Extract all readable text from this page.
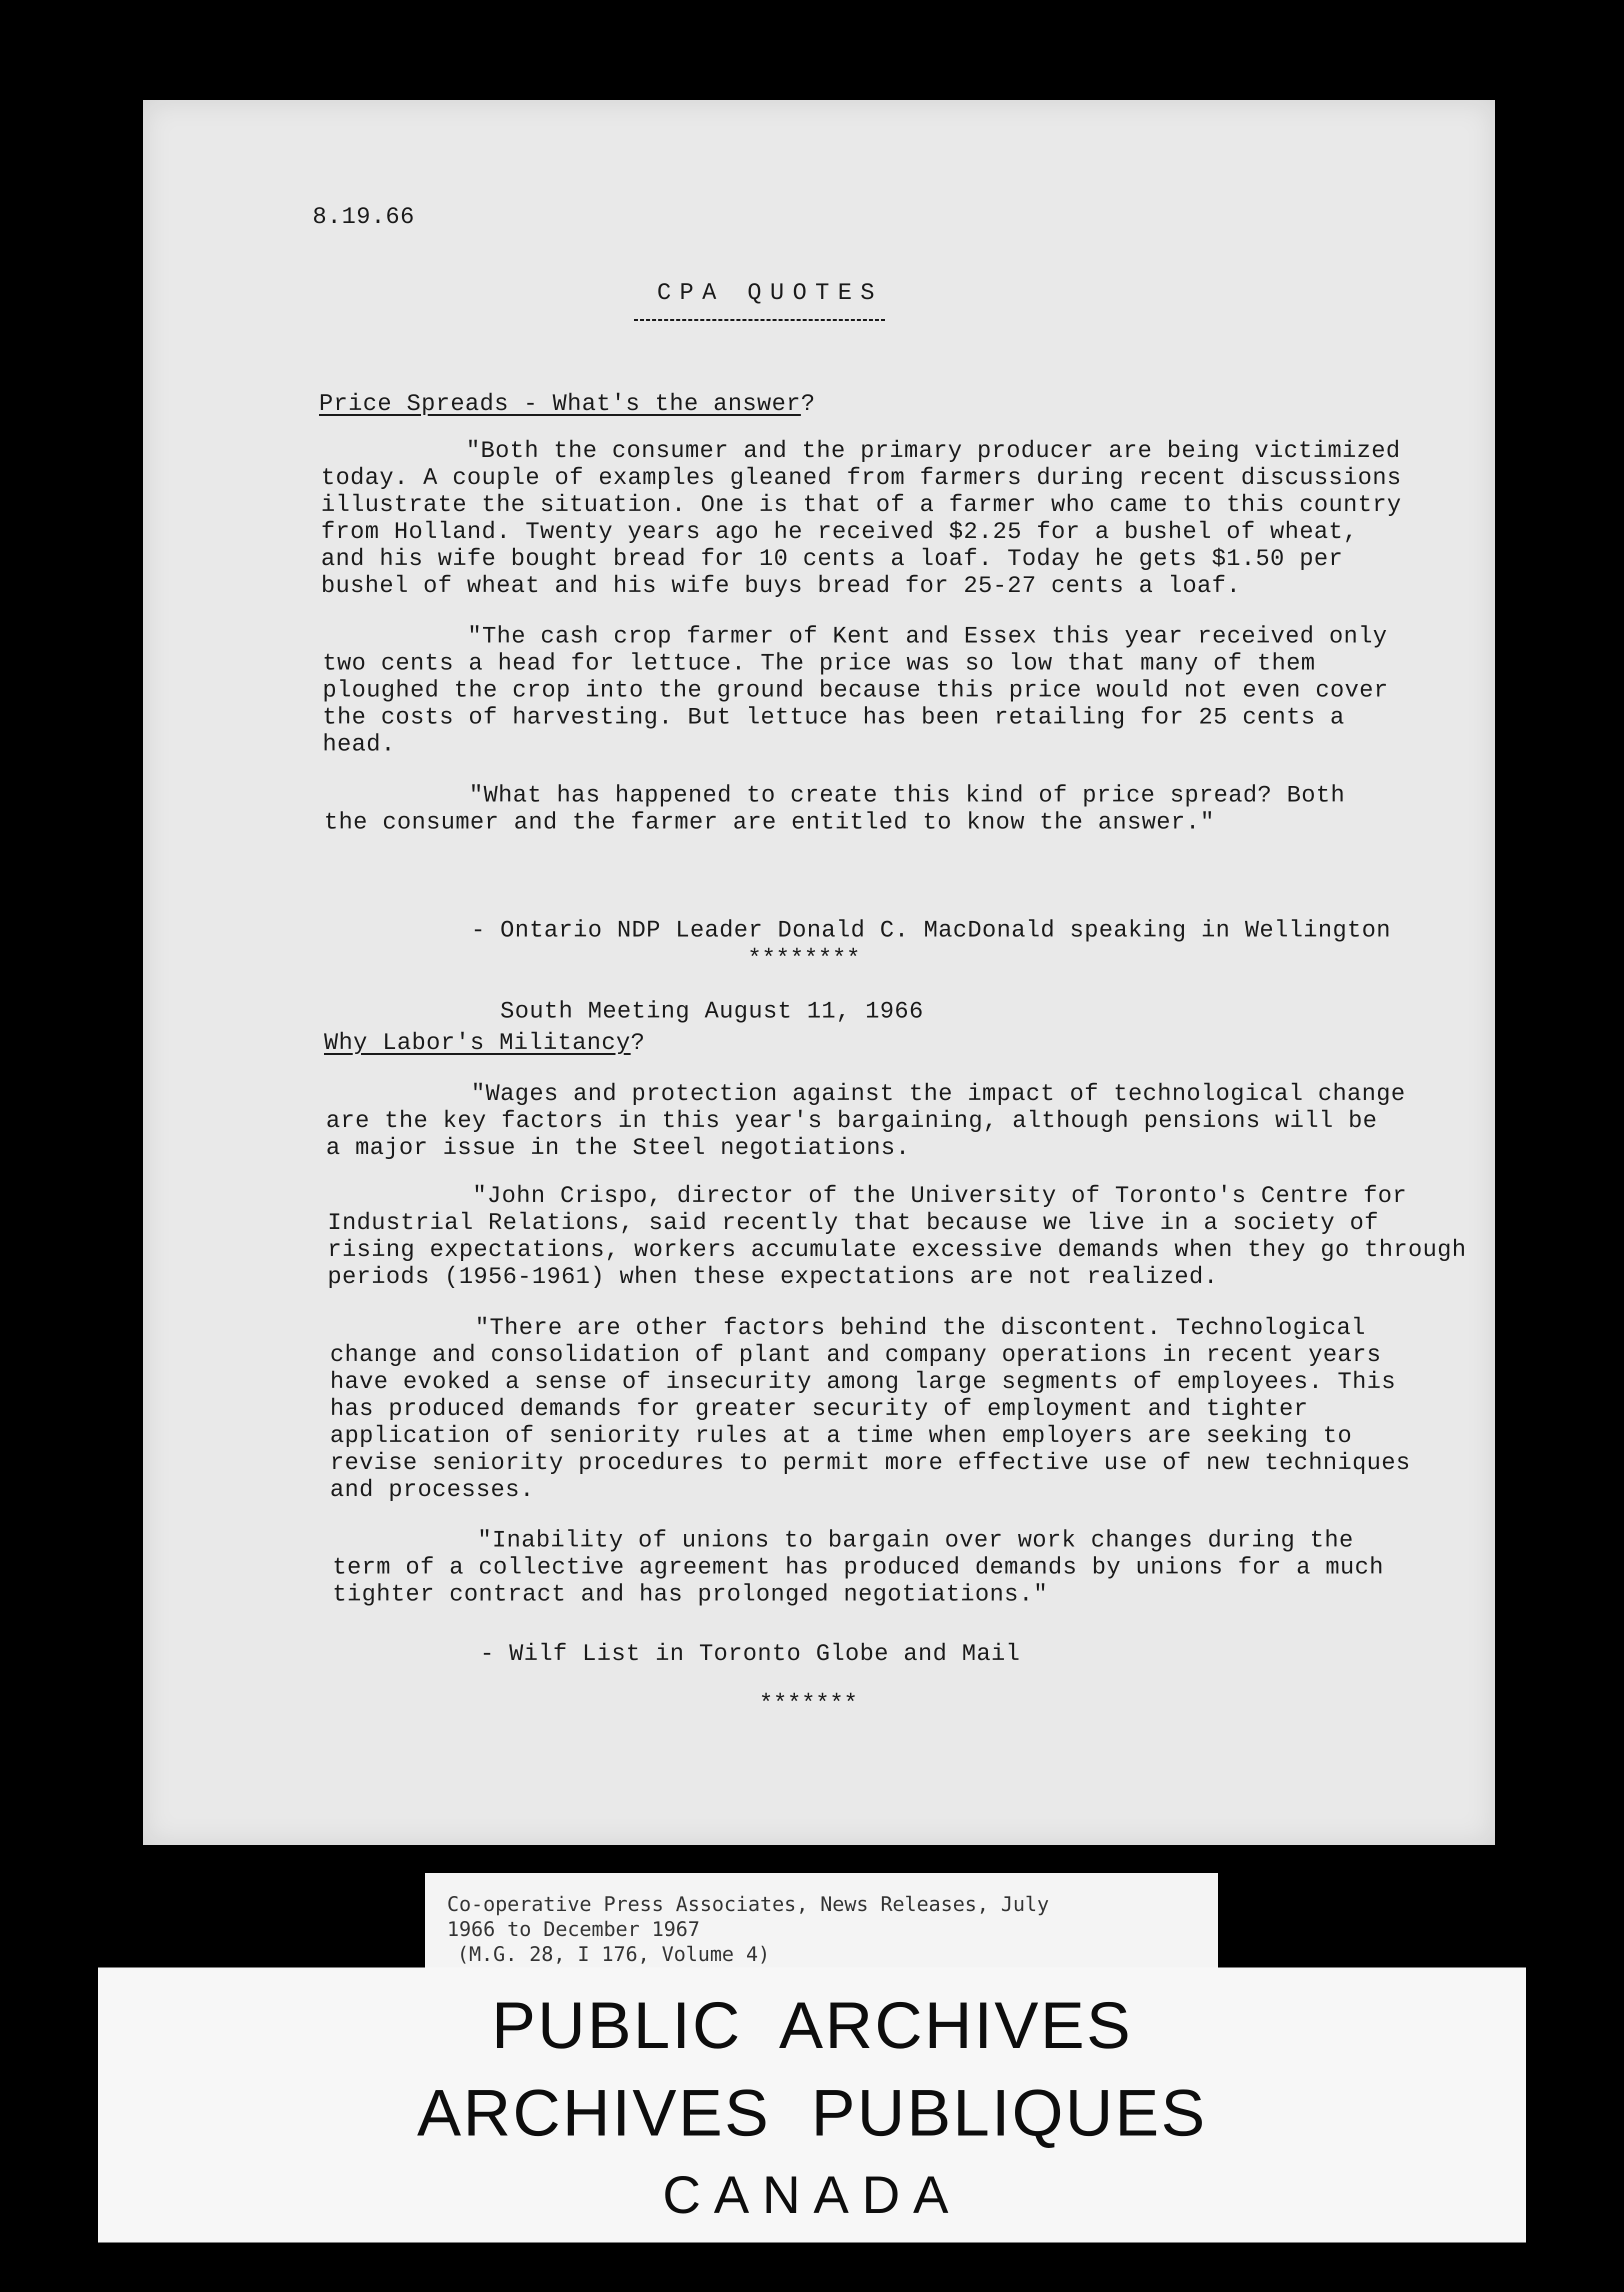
8.19.66
CPA QUOTES
Price Spreads - What's the answer?
"Both the consumer and the primary producer are being victimized
today. A couple of examples gleaned from farmers during recent discussions
illustrate the situation. One is that of a farmer who came to this country
from Holland. Twenty years ago he received $2.25 for a bushel of wheat,
and his wife bought bread for 10 cents a loaf. Today he gets $1.50 per
bushel of wheat and his wife buys bread for 25-27 cents a loaf.
"The cash crop farmer of Kent and Essex this year received only
two cents a head for lettuce. The price was so low that many of them
ploughed the crop into the ground because this price would not even cover
the costs of harvesting. But lettuce has been retailing for 25 cents a
head.
"What has happened to create this kind of price spread? Both
the consumer and the farmer are entitled to know the answer."

- Ontario NDP Leader Donald C. MacDonald speaking in Wellington

South Meeting August 11, 1966

********
Why Labor's Militancy?
"Wages and protection against the impact of technological change
are the key factors in this year's bargaining, although pensions will be
a major issue in the Steel negotiations.
"John Crispo, director of the University of Toronto's Centre for
Industrial Relations, said recently that because we live in a society of
rising expectations, workers accumulate excessive demands when they go through
periods (1956-1961) when these expectations are not realized.
"There are other factors behind the discontent. Technological
change and consolidation of plant and company operations in recent years
have evoked a sense of insecurity among large segments of employees. This
has produced demands for greater security of employment and tighter
application of seniority rules at a time when employers are seeking to
revise seniority procedures to permit more effective use of new techniques
and processes.
"Inability of unions to bargain over work changes during the
term of a collective agreement has produced demands by unions for a much
tighter contract and has prolonged negotiations."
- Wilf List in Toronto Globe and Mail
*******
Co-operative Press Associates, News Releases, July
1966 to December 1967
(M.G. 28, I 176, Volume 4)
PUBLIC  ARCHIVES
ARCHIVES  PUBLIQUES
CANADA
